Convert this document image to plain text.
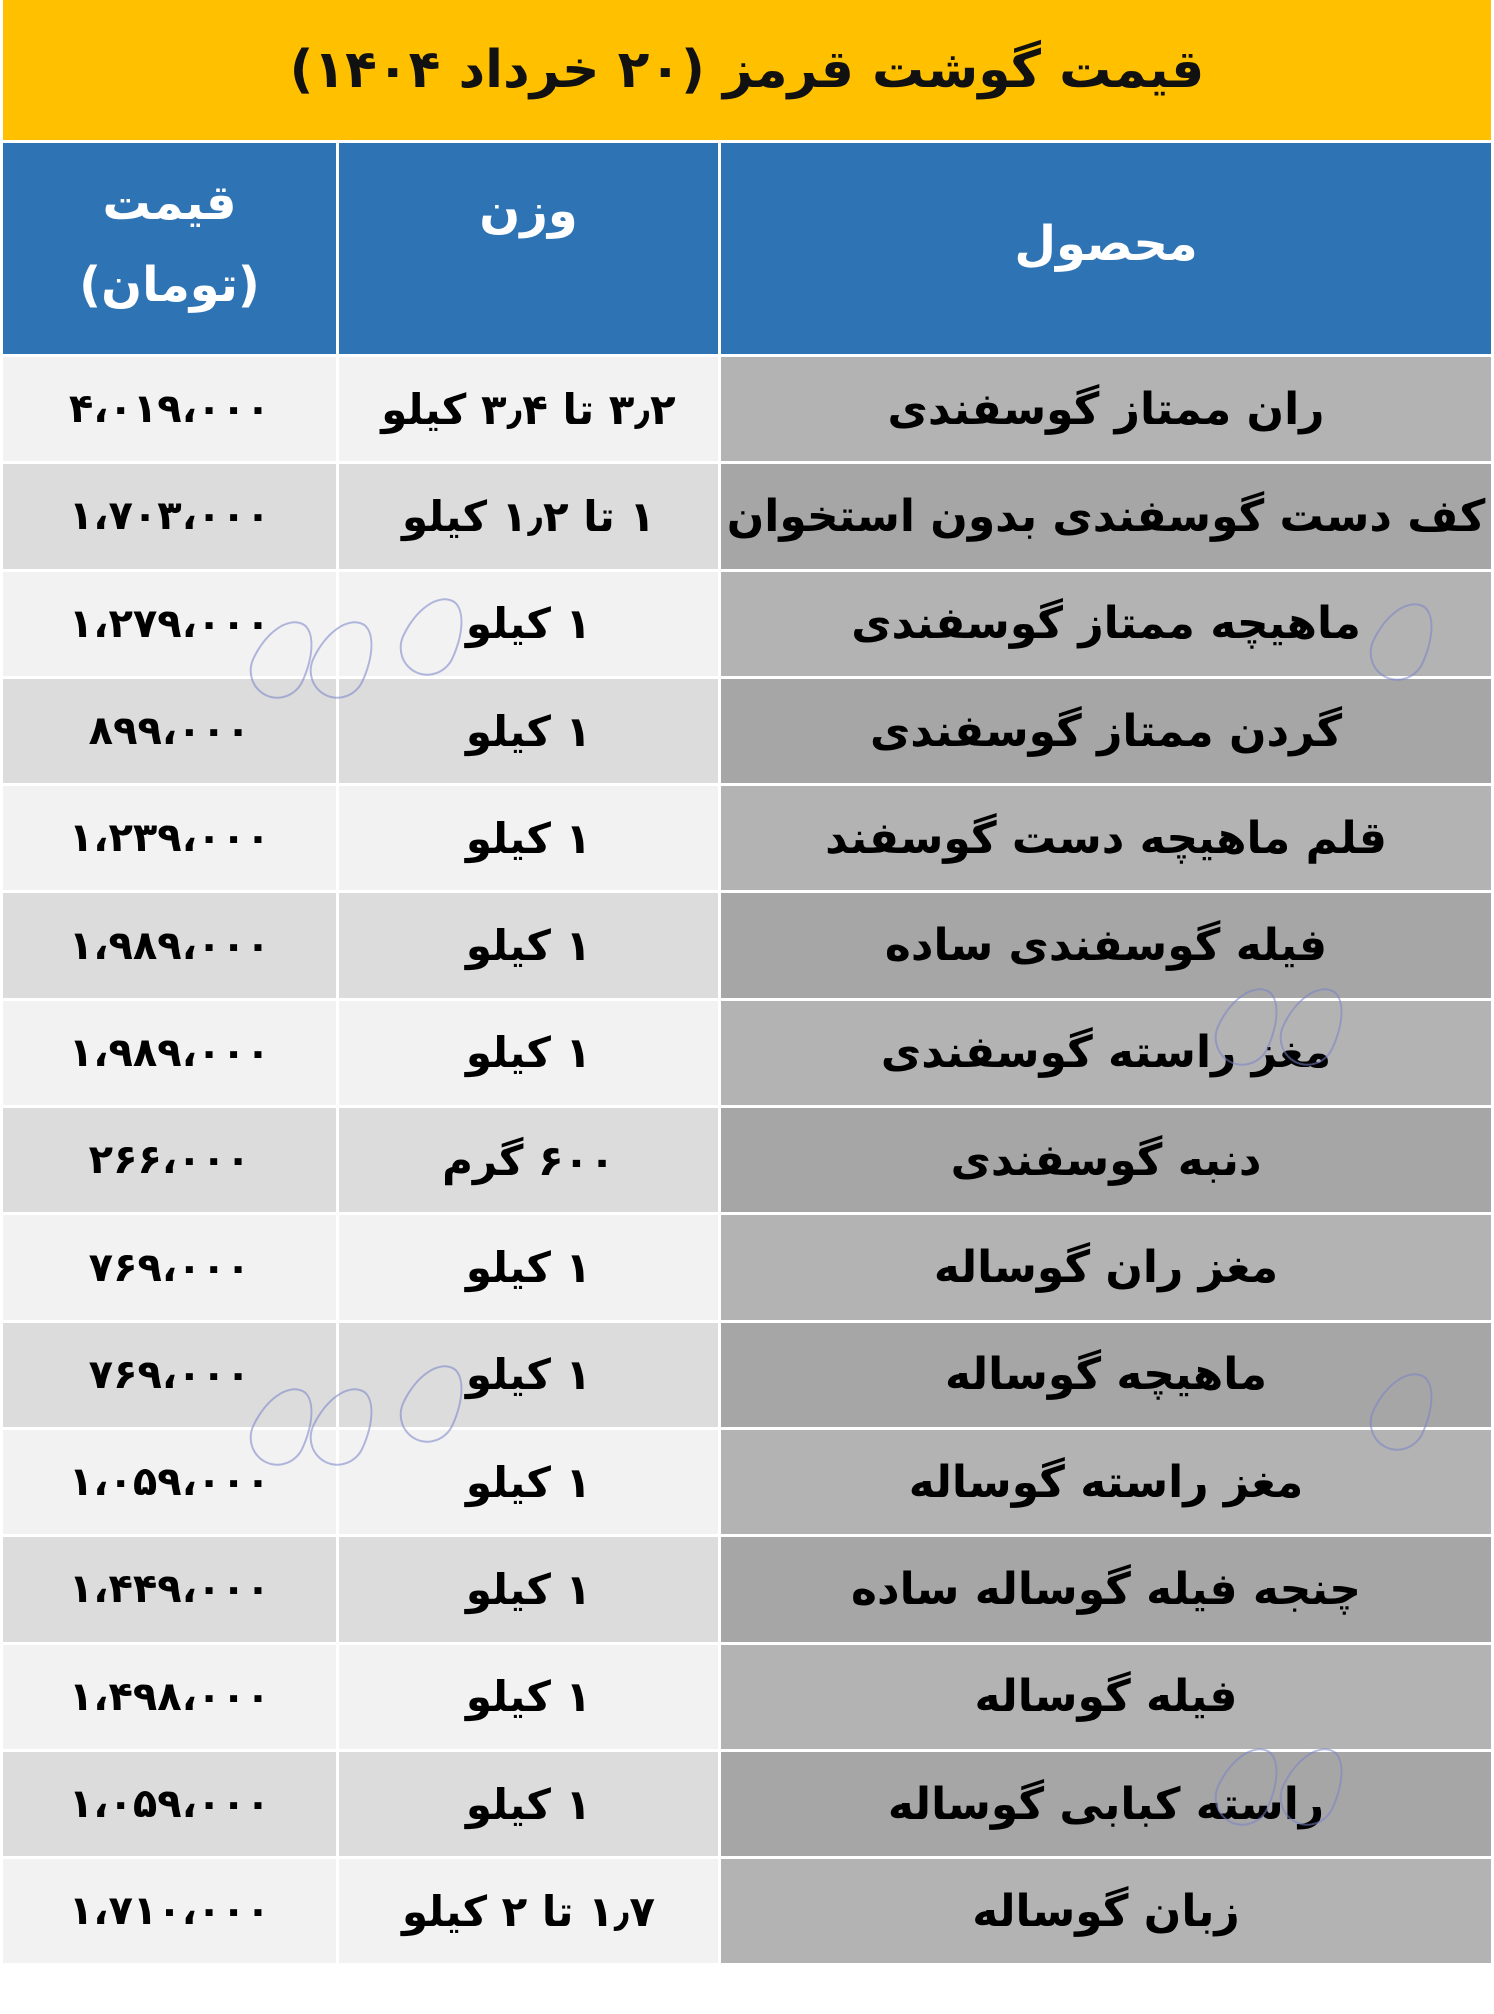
قیمت گوشت قرمز (۲۰ خرداد ۱۴۰۴)
محصول
وزن
قیمت
(تومان)
ران ممتاز گوسفندی
۳٫۲ تا ۳٫۴ کیلو
۴،۰۱۹،۰۰۰
کف دست گوسفندی بدون استخوان
۱ تا ۱٫۲ کیلو
۱،۷۰۳،۰۰۰
ماهیچه ممتاز گوسفندی
۱ کیلو
۱،۲۷۹،۰۰۰
گردن ممتاز گوسفندی
۱ کیلو
۸۹۹،۰۰۰
قلم ماهیچه دست گوسفند
۱ کیلو
۱،۲۳۹،۰۰۰
فیله گوسفندی ساده
۱ کیلو
۱،۹۸۹،۰۰۰
مغز راسته گوسفندی
۱ کیلو
۱،۹۸۹،۰۰۰
دنبه گوسفندی
۶۰۰ گرم
۲۶۶،۰۰۰
مغز ران گوساله
۱ کیلو
۷۶۹،۰۰۰
ماهیچه گوساله
۱ کیلو
۷۶۹،۰۰۰
مغز راسته گوساله
۱ کیلو
۱،۰۵۹،۰۰۰
چنجه فیله گوساله ساده
۱ کیلو
۱،۴۴۹،۰۰۰
فیله گوساله
۱ کیلو
۱،۴۹۸،۰۰۰
راسته کبابی گوساله
۱ کیلو
۱،۰۵۹،۰۰۰
زبان گوساله
۱٫۷ تا ۲ کیلو
۱،۷۱۰،۰۰۰
